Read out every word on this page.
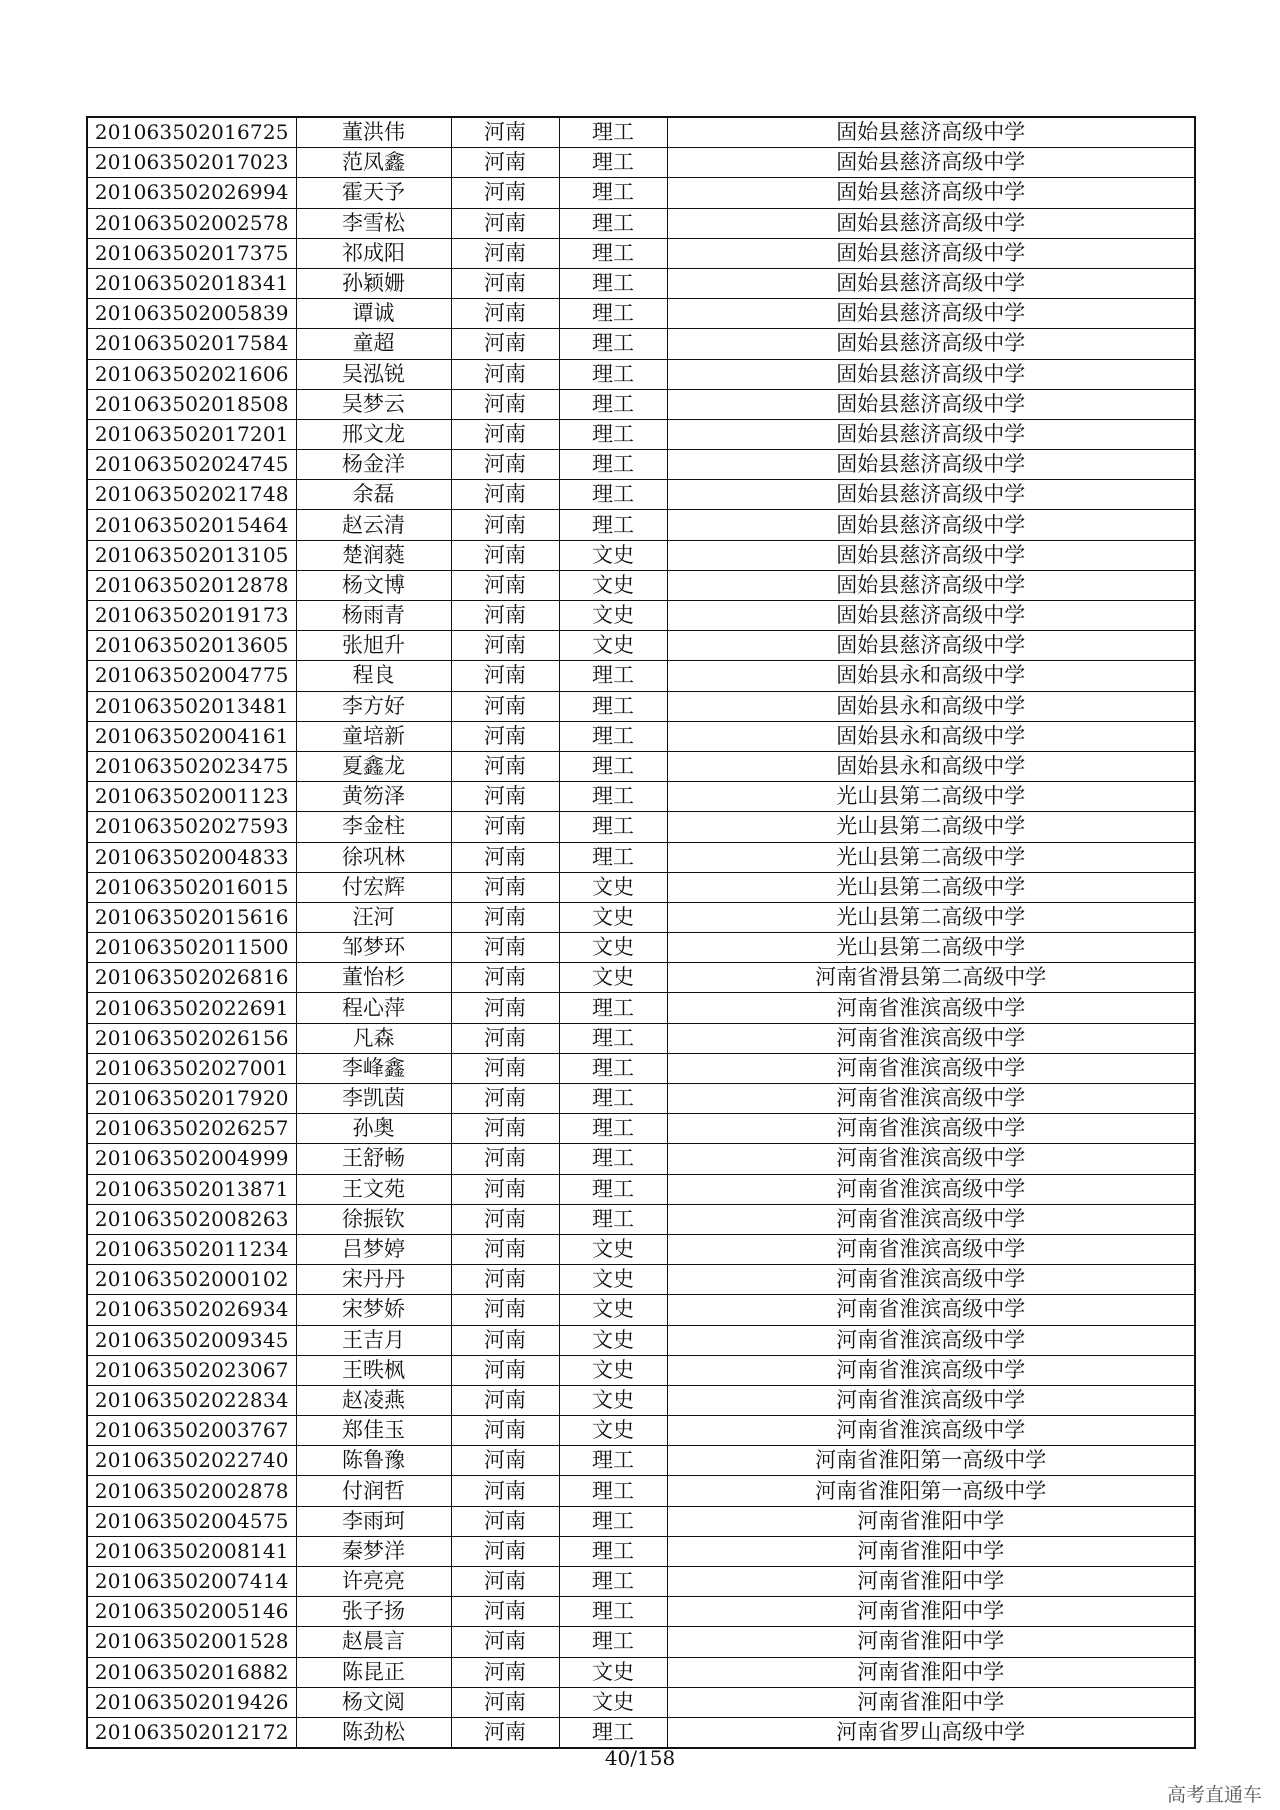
201063502016725	董洪伟	河南	理工	固始县慈济高级中学
201063502017023	范凤鑫	河南	理工	固始县慈济高级中学
201063502026994	霍天予	河南	理工	固始县慈济高级中学
201063502002578	李雪松	河南	理工	固始县慈济高级中学
201063502017375	祁成阳	河南	理工	固始县慈济高级中学
201063502018341	孙颖姗	河南	理工	固始县慈济高级中学
201063502005839	谭诚	河南	理工	固始县慈济高级中学
201063502017584	童超	河南	理工	固始县慈济高级中学
201063502021606	吴泓锐	河南	理工	固始县慈济高级中学
201063502018508	吴梦云	河南	理工	固始县慈济高级中学
201063502017201	邢文龙	河南	理工	固始县慈济高级中学
201063502024745	杨金洋	河南	理工	固始县慈济高级中学
201063502021748	余磊	河南	理工	固始县慈济高级中学
201063502015464	赵云清	河南	理工	固始县慈济高级中学
201063502013105	楚润蕤	河南	文史	固始县慈济高级中学
201063502012878	杨文博	河南	文史	固始县慈济高级中学
201063502019173	杨雨青	河南	文史	固始县慈济高级中学
201063502013605	张旭升	河南	文史	固始县慈济高级中学
201063502004775	程良	河南	理工	固始县永和高级中学
201063502013481	李方好	河南	理工	固始县永和高级中学
201063502004161	童培新	河南	理工	固始县永和高级中学
201063502023475	夏鑫龙	河南	理工	固始县永和高级中学
201063502001123	黄笏泽	河南	理工	光山县第二高级中学
201063502027593	李金柱	河南	理工	光山县第二高级中学
201063502004833	徐巩林	河南	理工	光山县第二高级中学
201063502016015	付宏辉	河南	文史	光山县第二高级中学
201063502015616	汪河	河南	文史	光山县第二高级中学
201063502011500	邹梦环	河南	文史	光山县第二高级中学
201063502026816	董怡杉	河南	文史	河南省滑县第二高级中学
201063502022691	程心萍	河南	理工	河南省淮滨高级中学
201063502026156	凡森	河南	理工	河南省淮滨高级中学
201063502027001	李峰鑫	河南	理工	河南省淮滨高级中学
201063502017920	李凯茵	河南	理工	河南省淮滨高级中学
201063502026257	孙奥	河南	理工	河南省淮滨高级中学
201063502004999	王舒畅	河南	理工	河南省淮滨高级中学
201063502013871	王文苑	河南	理工	河南省淮滨高级中学
201063502008263	徐振钦	河南	理工	河南省淮滨高级中学
201063502011234	吕梦婷	河南	文史	河南省淮滨高级中学
201063502000102	宋丹丹	河南	文史	河南省淮滨高级中学
201063502026934	宋梦娇	河南	文史	河南省淮滨高级中学
201063502009345	王吉月	河南	文史	河南省淮滨高级中学
201063502023067	王昳枫	河南	文史	河南省淮滨高级中学
201063502022834	赵凌燕	河南	文史	河南省淮滨高级中学
201063502003767	郑佳玉	河南	文史	河南省淮滨高级中学
201063502022740	陈鲁豫	河南	理工	河南省淮阳第一高级中学
201063502002878	付润哲	河南	理工	河南省淮阳第一高级中学
201063502004575	李雨珂	河南	理工	河南省淮阳中学
201063502008141	秦梦洋	河南	理工	河南省淮阳中学
201063502007414	许亮亮	河南	理工	河南省淮阳中学
201063502005146	张子扬	河南	理工	河南省淮阳中学
201063502001528	赵晨言	河南	理工	河南省淮阳中学
201063502016882	陈昆正	河南	文史	河南省淮阳中学
201063502019426	杨文阅	河南	文史	河南省淮阳中学
201063502012172	陈劲松	河南	理工	河南省罗山高级中学
40/158
高考直通车
